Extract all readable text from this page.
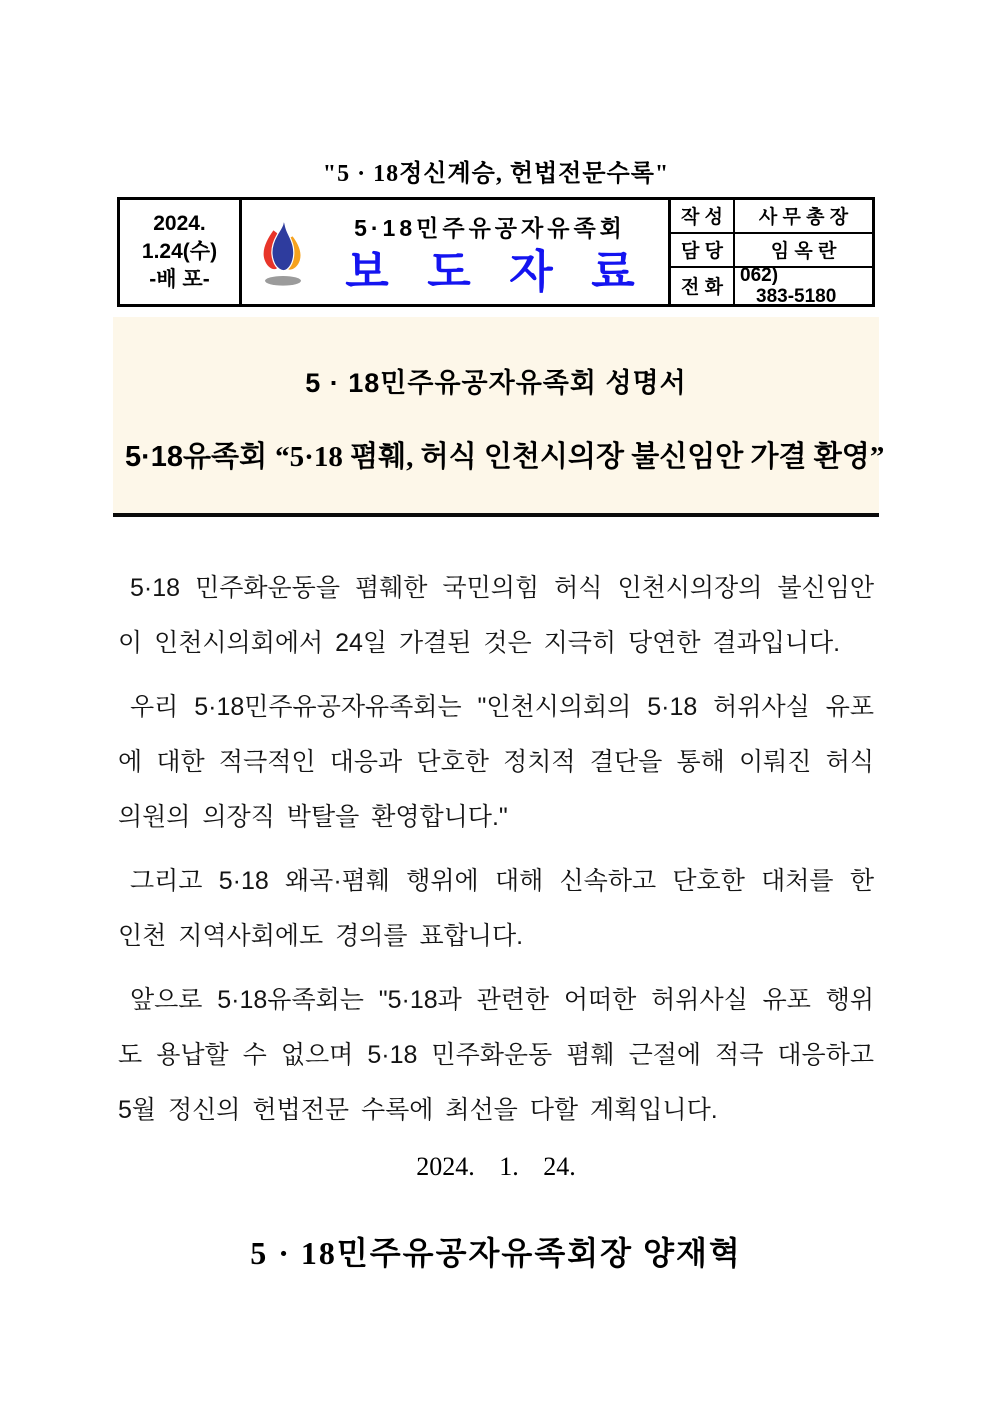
"5 · 18정신계승, 헌법전문수록"
2024.
1.24(수)
-배 포-
5·18민주유공자유족회
보 도 자 료
작 성	사 무 총 장
담 당	임 옥 란
전 화
062)
383-5180
5 · 18민주유공자유족회 성명서
5·18유족회 “5·18 폄훼, 허식 인천시의장 불신임안 가결 환영”

5·18 민주화운동을 폄훼한 국민의힘 허식 인천시의장의 불신임안이 인천시의회에서 24일 가결된 것은 지극히 당연한 결과입니다.

우리 5·18민주유공자유족회는 "인천시의회의 5·18 허위사실 유포에 대한 적극적인 대응과 단호한 정치적 결단을 통해 이뤄진 허식 의원의 의장직 박탈을 환영합니다."

그리고 5·18 왜곡·폄훼 행위에 대해 신속하고 단호한 대처를 한 인천 지역사회에도 경의를 표합니다.

앞으로 5·18유족회는 "5·18과 관련한 어떠한 허위사실 유포 행위도 용납할 수 없으며 5·18 민주화운동 폄훼 근절에 적극 대응하고 5월 정신의 헌법전문 수록에 최선을 다할 계획입니다.

2024. 1. 24.
5 · 18민주유공자유족회장 양재혁
